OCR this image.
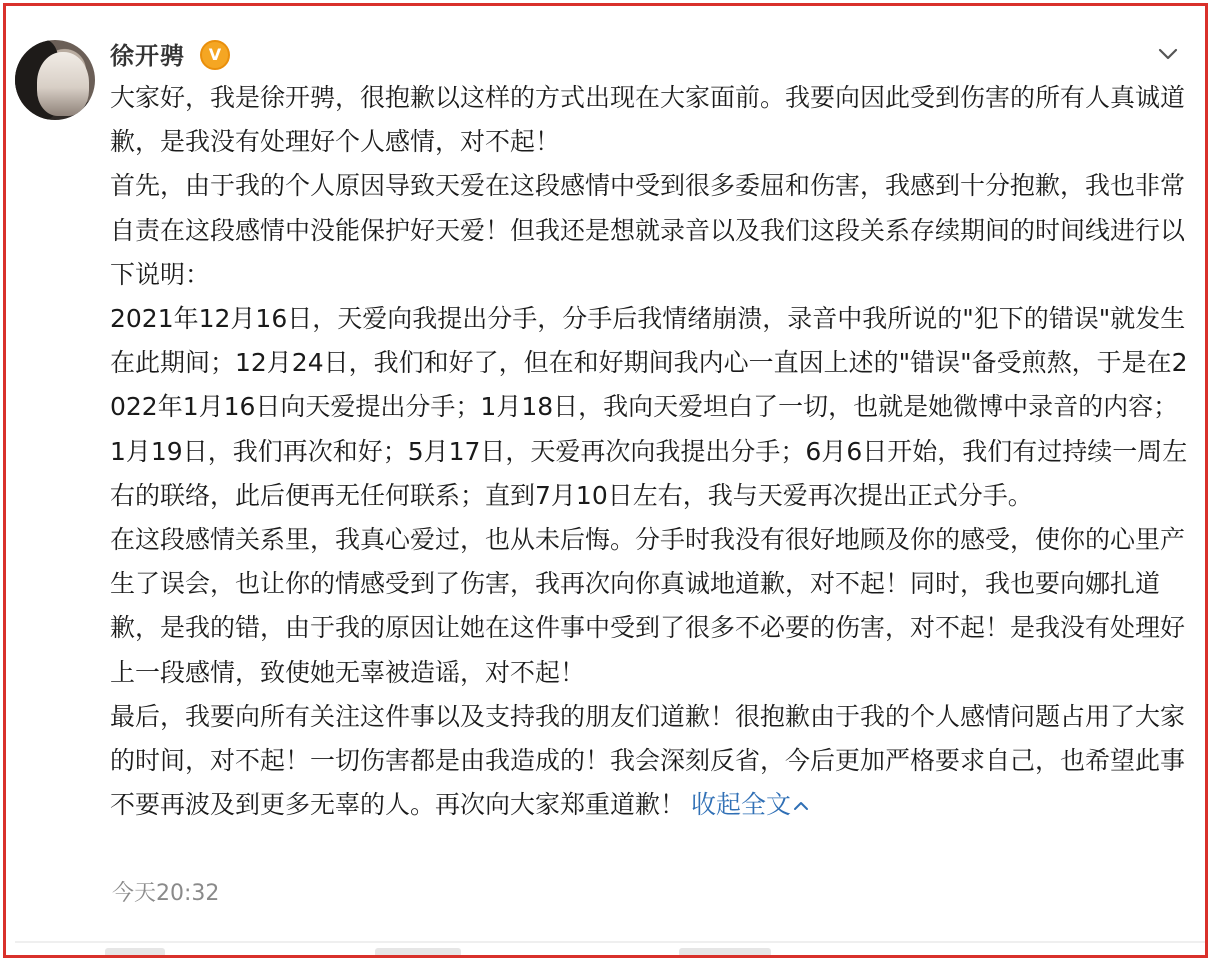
徐开骋	V

大家好，我是徐开骋，很抱歉以这样的方式出现在大家面前。我要向因此受到伤害的所有人真诚道歉，是我没有处理好个人感情，对不起！

首先，由于我的个人原因导致天爱在这段感情中受到很多委屈和伤害，我感到十分抱歉，我也非常自责在这段感情中没能保护好天爱！但我还是想就录音以及我们这段关系存续期间的时间线进行以下说明：

2021年12月16日，天爱向我提出分手，分手后我情绪崩溃，录音中我所说的"犯下的错误"就发生在此期间；12月24日，我们和好了，但在和好期间我内心一直因上述的"错误"备受煎熬，于是在2022年1月16日向天爱提出分手；1月18日，我向天爱坦白了一切，也就是她微博中录音的内容；1月19日，我们再次和好；5月17日，天爱再次向我提出分手；6月6日开始，我们有过持续一周左右的联络，此后便再无任何联系；直到7月10日左右，我与天爱再次提出正式分手。

在这段感情关系里，我真心爱过，也从未后悔。分手时我没有很好地顾及你的感受，使你的心里产生了误会，也让你的情感受到了伤害，我再次向你真诚地道歉，对不起！同时，我也要向娜扎道歉，是我的错，由于我的原因让她在这件事中受到了很多不必要的伤害，对不起！是我没有处理好上一段感情，致使她无辜被造谣，对不起！

最后，我要向所有关注这件事以及支持我的朋友们道歉！很抱歉由于我的个人感情问题占用了大家的时间，对不起！一切伤害都是由我造成的！我会深刻反省，今后更加严格要求自己，也希望此事不要再波及到更多无辜的人。再次向大家郑重道歉！ 收起全文

今天20:32
